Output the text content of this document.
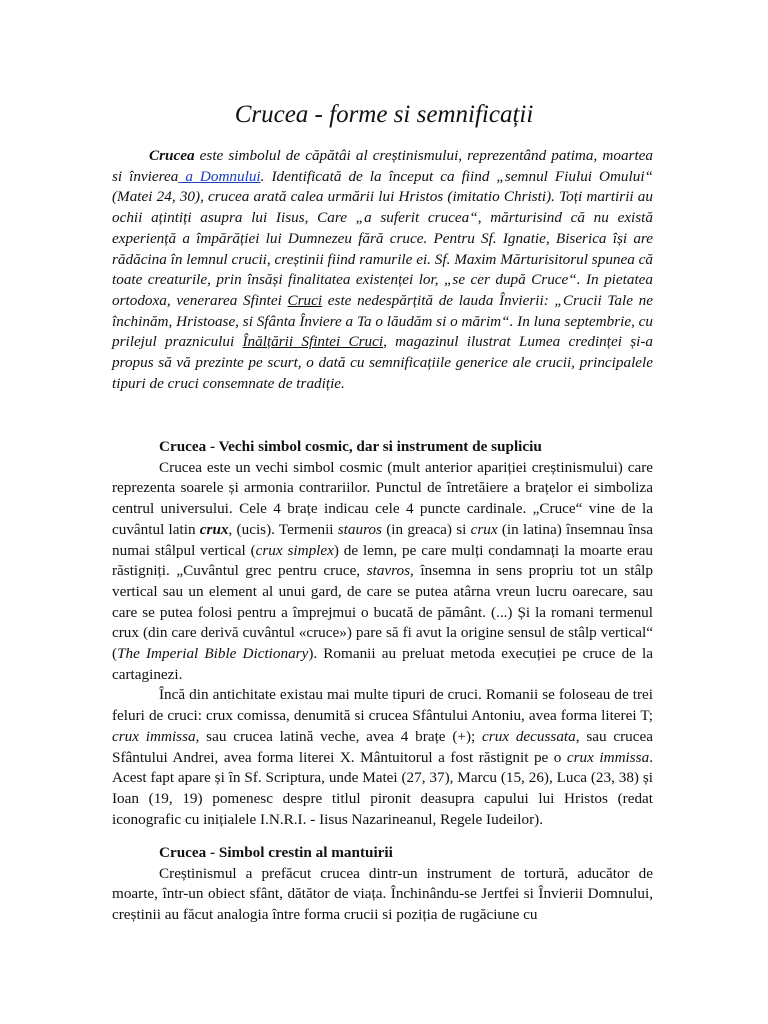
Crucea - forme si semnificații

Crucea este simbolul de căpătâi al creștinismului, reprezentând patima, moartea si învierea a Domnului. Identificată de la început ca fiind „semnul Fiului Omului“ (Matei 24, 30), crucea arată calea urmării lui Hristos (imitatio Christi). Toți martirii au ochii ațintiți asupra lui Iisus, Care „a suferit crucea“, mărturisind că nu există experiență a împărăției lui Dumnezeu fără cruce. Pentru Sf. Ignatie, Biserica își are rădăcina în lemnul crucii, creștinii fiind ramurile ei. Sf. Maxim Mărturisitorul spunea că toate creaturile, prin însăși finalitatea existenței lor, „se cer după Cruce“. In pietatea ortodoxa, venerarea Sfintei Cruci este nedespărțită de lauda Învierii: „Crucii Tale ne închinăm, Hristoase, si Sfânta Înviere a Ta o lăudăm si o mărim“. In luna septembrie, cu prilejul praznicului Înălțării Sfintei Cruci, magazinul ilustrat Lumea credinței și-a propus să vă prezinte pe scurt, o dată cu semnificațiile generice ale crucii, principalele tipuri de cruci consemnate de tradiție.

Crucea - Vechi simbol cosmic, dar si instrument de supliciu

Crucea este un vechi simbol cosmic (mult anterior apariției creștinismului) care reprezenta soarele și armonia contrariilor. Punctul de întretăiere a brațelor ei simboliza centrul universului. Cele 4 brațe indicau cele 4 puncte cardinale. „Cruce“ vine de la cuvântul latin crux, (ucis). Termenii stauros (in greaca) si crux (in latina) însemnau însa numai stâlpul vertical (crux simplex) de lemn, pe care mulți condamnați la moarte erau răstigniți. „Cuvântul grec pentru cruce, stavros, însemna in sens propriu tot un stâlp vertical sau un element al unui gard, de care se putea atârna vreun lucru oarecare, sau care se putea folosi pentru a împrejmui o bucată de pământ. (...) Și la romani termenul crux (din care derivă cuvântul «cruce») pare să fi avut la origine sensul de stâlp vertical“ (The Imperial Bible Dictionary). Romanii au preluat metoda execuției pe cruce de la cartaginezi.

Încă din antichitate existau mai multe tipuri de cruci. Romanii se foloseau de trei feluri de cruci: crux comissa, denumită si crucea Sfântului Antoniu, avea forma literei T; crux immissa, sau crucea latină veche, avea 4 brațe (+); crux decussata, sau crucea Sfântului Andrei, avea forma literei X. Mântuitorul a fost răstignit pe o crux immissa. Acest fapt apare și în Sf. Scriptura, unde Matei (27, 37), Marcu (15, 26), Luca (23, 38) și Ioan (19, 19) pomenesc despre titlul pironit deasupra capului lui Hristos (redat iconografic cu inițialele I.N.R.I. - Iisus Nazarineanul, Regele Iudeilor).

Crucea - Simbol crestin al mantuirii

Creștinismul a prefăcut crucea dintr-un instrument de tortură, aducător de moarte, într-un obiect sfânt, dătător de viața. Închinându-se Jertfei si Învierii Domnului, creștinii au făcut analogia între forma crucii si poziția de rugăciune cu
